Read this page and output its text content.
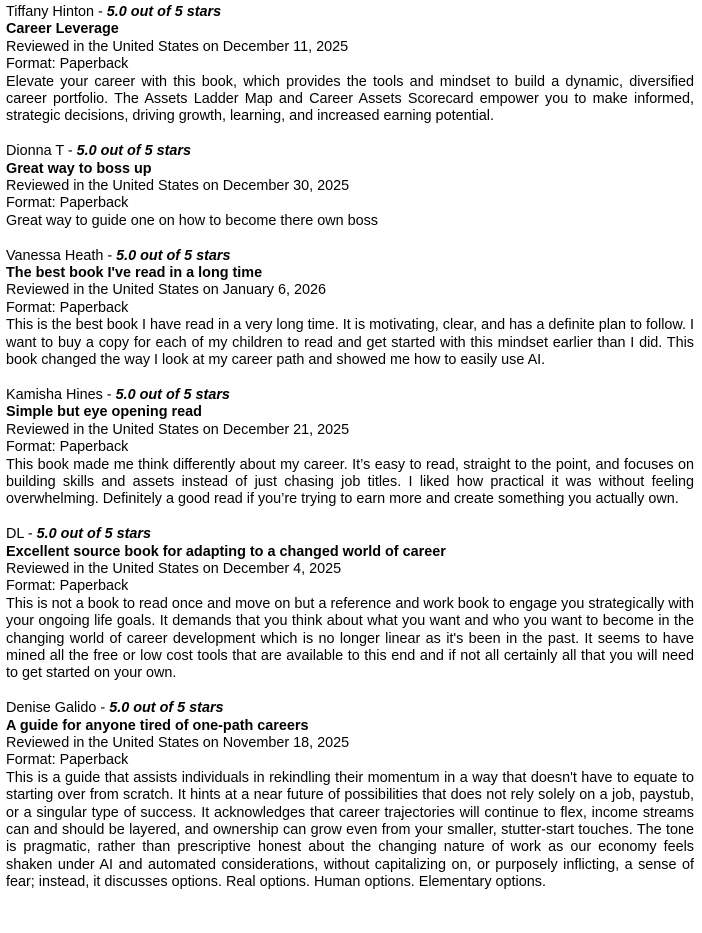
Tiffany Hinton - 5.0 out of 5 stars
Career Leverage
Reviewed in the United States on December 11, 2025
Format: Paperback
Elevate your career with this book, which provides the tools and mindset to build a dynamic, diversified career portfolio. The Assets Ladder Map and Career Assets Scorecard empower you to make informed, strategic decisions, driving growth, learning, and increased earning potential.
Dionna T - 5.0 out of 5 stars
Great way to boss up
Reviewed in the United States on December 30, 2025
Format: Paperback
Great way to guide one on how to become there own boss
Vanessa Heath - 5.0 out of 5 stars
The best book I've read in a long time
Reviewed in the United States on January 6, 2026
Format: Paperback
This is the best book I have read in a very long time. It is motivating, clear, and has a definite plan to follow. I want to buy a copy for each of my children to read and get started with this mindset earlier than I did. This book changed the way I look at my career path and showed me how to easily use AI.
Kamisha Hines - 5.0 out of 5 stars
Simple but eye opening read
Reviewed in the United States on December 21, 2025
Format: Paperback
This book made me think differently about my career. It’s easy to read, straight to the point, and focuses on building skills and assets instead of just chasing job titles. I liked how practical it was without feeling overwhelming. Definitely a good read if you’re trying to earn more and create something you actually own.
DL - 5.0 out of 5 stars
Excellent source book for adapting to a changed world of career
Reviewed in the United States on December 4, 2025
Format: Paperback
This is not a book to read once and move on but a reference and work book to engage you strategically with your ongoing life goals. It demands that you think about what you want and who you want to become in the changing world of career development which is no longer linear as it's been in the past. It seems to have mined all the free or low cost tools that are available to this end and if not all certainly all that you will need to get started on your own.
Denise Galido - 5.0 out of 5 stars
A guide for anyone tired of one-path careers
Reviewed in the United States on November 18, 2025
Format: Paperback
This is a guide that assists individuals in rekindling their momentum in a way that doesn't have to equate to starting over from scratch. It hints at a near future of possibilities that does not rely solely on a job, paystub, or a singular type of success. It acknowledges that career trajectories will continue to flex, income streams can and should be layered, and ownership can grow even from your smaller, stutter-start touches. The tone is pragmatic, rather than prescriptive honest about the changing nature of work as our economy feels shaken under AI and automated considerations, without capitalizing on, or purposely inflicting, a sense of fear; instead, it discusses options. Real options. Human options. Elementary options.
